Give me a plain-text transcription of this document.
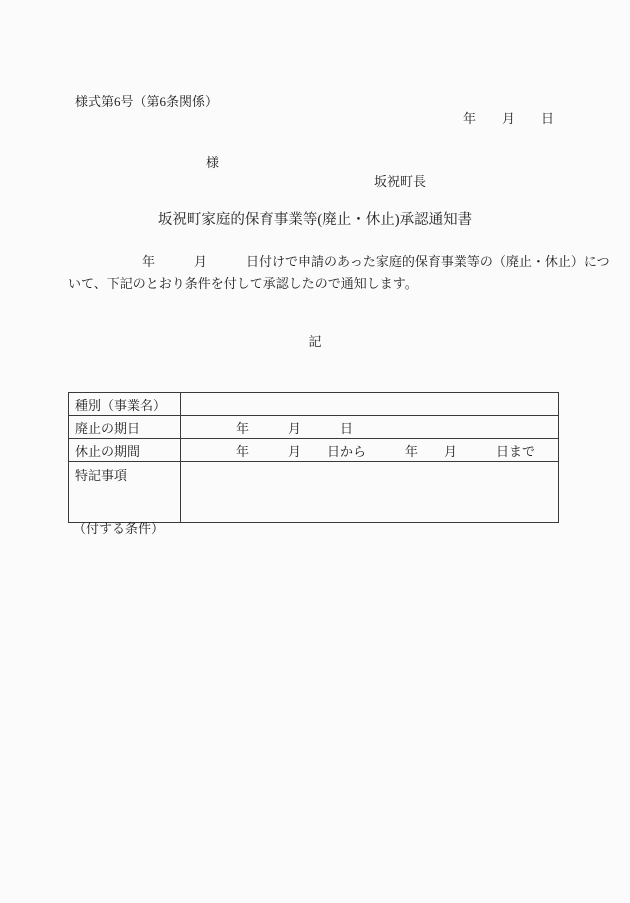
様式第6号（第6条関係）
年　　月　　日
様
坂祝町長
坂祝町家庭的保育事業等(廃止・休止)承認通知書
年　　　月　　　日付けで申請のあった家庭的保育事業等の（廃止・休止）につ
いて、下記のとおり条件を付して承認したので通知します。
記
種別（事業名）	
廃止の期日	年　　　月　　　日
休止の期間	年　　　月　　日から　　　年　　月　　　日まで
特記事項	
（付する条件）
